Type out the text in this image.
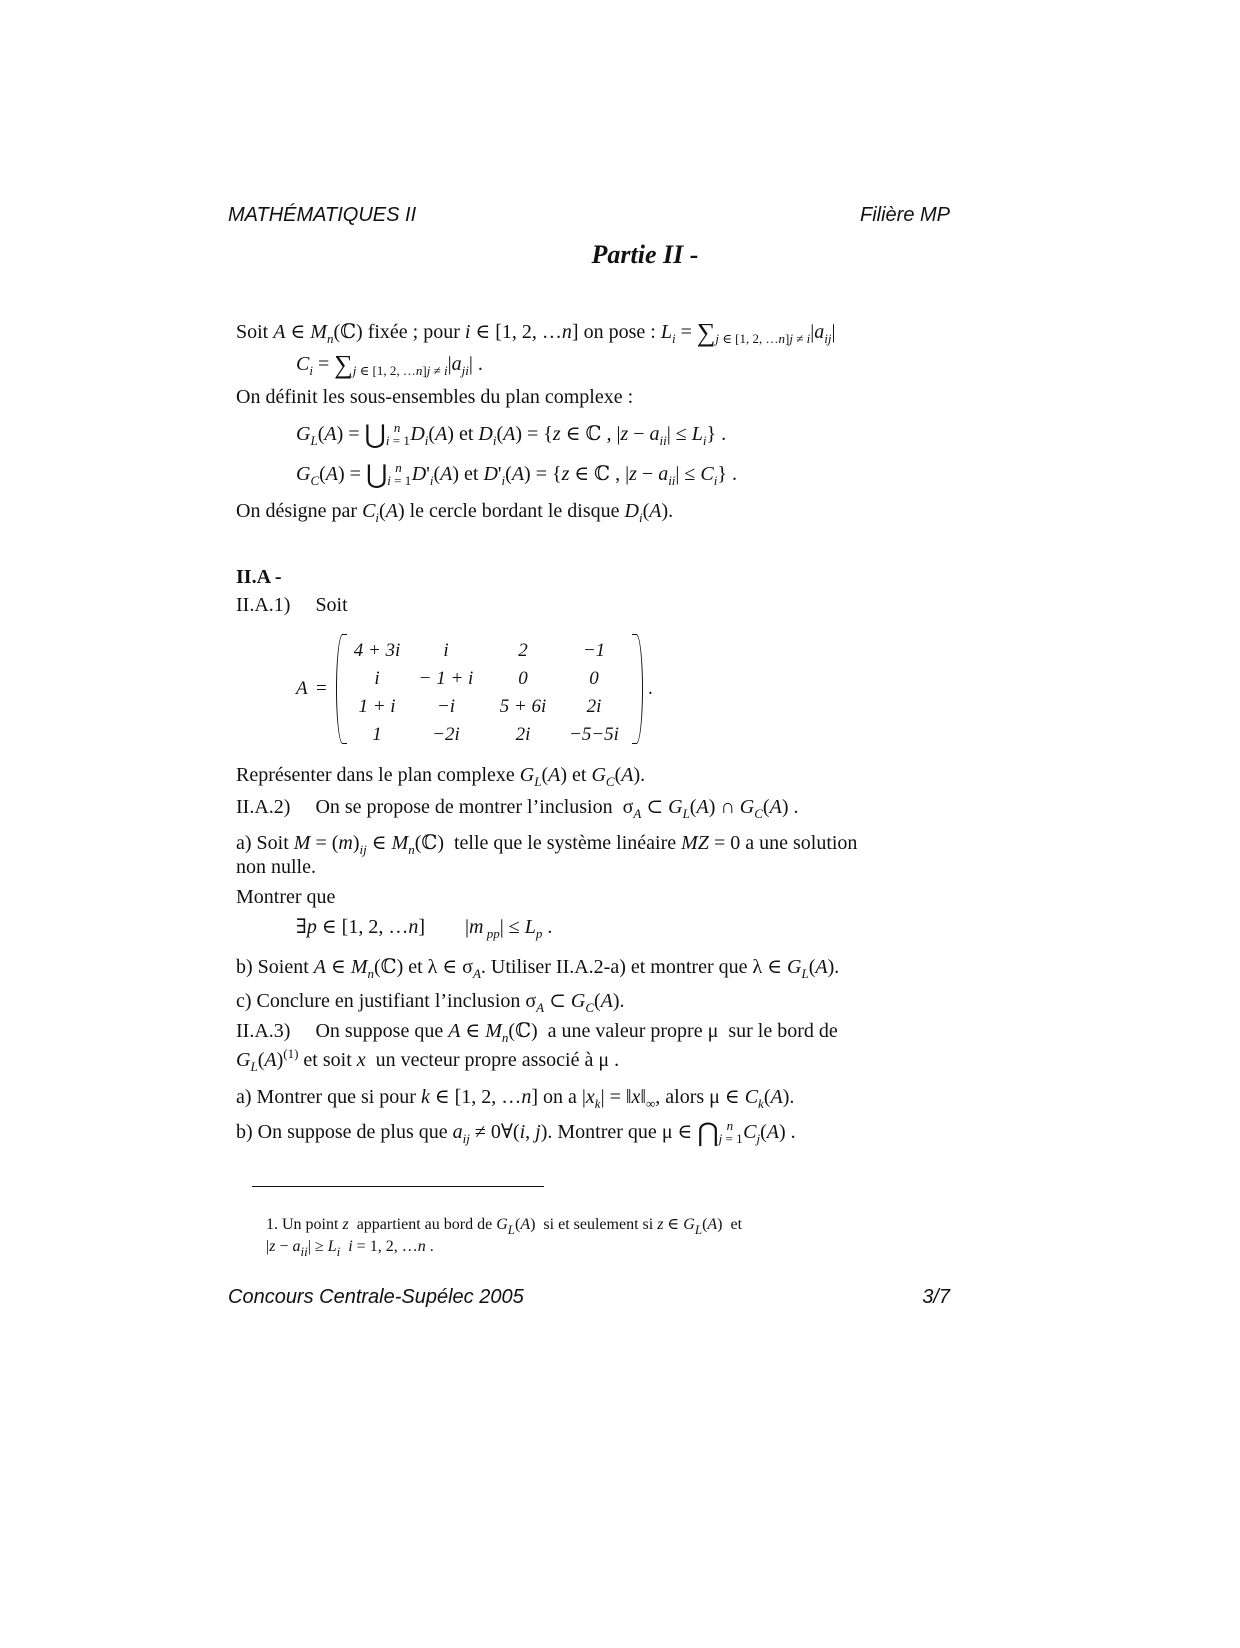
MATHÉMATIQUES II	Filière MP
Partie II -
Soit A ∈ $M_n(ℂ)$ fixée ; pour i ∈ [1, 2, …n] on pose : $L_i = \sum_{j \in [1, 2, \dots n]j \ne i}|a_{ij}|$
$C_i = \sum_{j \in [1, 2, \dots n]j \ne i}|a_{ji}|$ .
On définit les sous-ensembles du plan complexe :
$G_L(A)$ = $⋃_{i = 1}^n$ $D_i(A)$ et $D_i(A) = \{z$ ∈ ℂ , $|z - a_{ii}| \le L_i$} .
$G_C(A)$ = $⋃_{i = 1}^n$ $D'_i(A)$ et $D'_i(A) = \{z$ ∈ ℂ , $|z - a_{ii}| \le C_i$} .
On désigne par $C_i(A)$ le cercle bordant le disque $D_i(A)$.
II.A -
II.A.1) Soit
A =
4 + 3i	i	2	−1
i	− 1 + i	0	0
1 + i	−i	5 + 6i	2i
1	−2i	2i	−5−5i
.
Représenter dans le plan complexe $G_L(A)$ et $G_C(A)$.
II.A.2) On se propose de montrer l’inclusion  $\sigma_A$ ⊂ $G_L(A)$ ∩ $G_C(A)$ .
a) Soit $M = (m)_{ij}$ ∈ $M_n(ℂ)$  telle que le système linéaire MZ = 0 a une solution
non nulle.
Montrer que
∃p ∈ [1, 2, …n]        |m $_{pp}| \le L_p$ .
b) Soient A ∈ $M_n(ℂ)$ et λ ∈ $\sigma_A$. Utiliser II.A.2-a) et montrer que λ ∈ $G_L(A)$.
c) Conclure en justifiant l’inclusion $\sigma_A$ ⊂ $G_C(A)$.
II.A.3) On suppose que A ∈ $M_n(ℂ)$  a une valeur propre μ  sur le bord de
$G_L(A)^{(1)}$ et soit x un vecteur propre associé à μ .
a) Montrer que si pour k ∈ [1, 2, …n] on a $|x_k|$ = $‖x‖_\infty$, alors μ ∈ $C_k(A)$.
b) On suppose de plus que $a_{ij}$ ≠ 0∀(i, j). Montrer que μ ∈ $⋂_{j = 1}^n$ $C_j(A)$ .
1. Un point z appartient au bord de $G_L(A)$  si et seulement si z ∈ $G_L(A)$  et
$|z - a_{ii}| \ge L_i$ i = 1, 2, …n .
Concours Centrale-Supélec 2005	3/7
